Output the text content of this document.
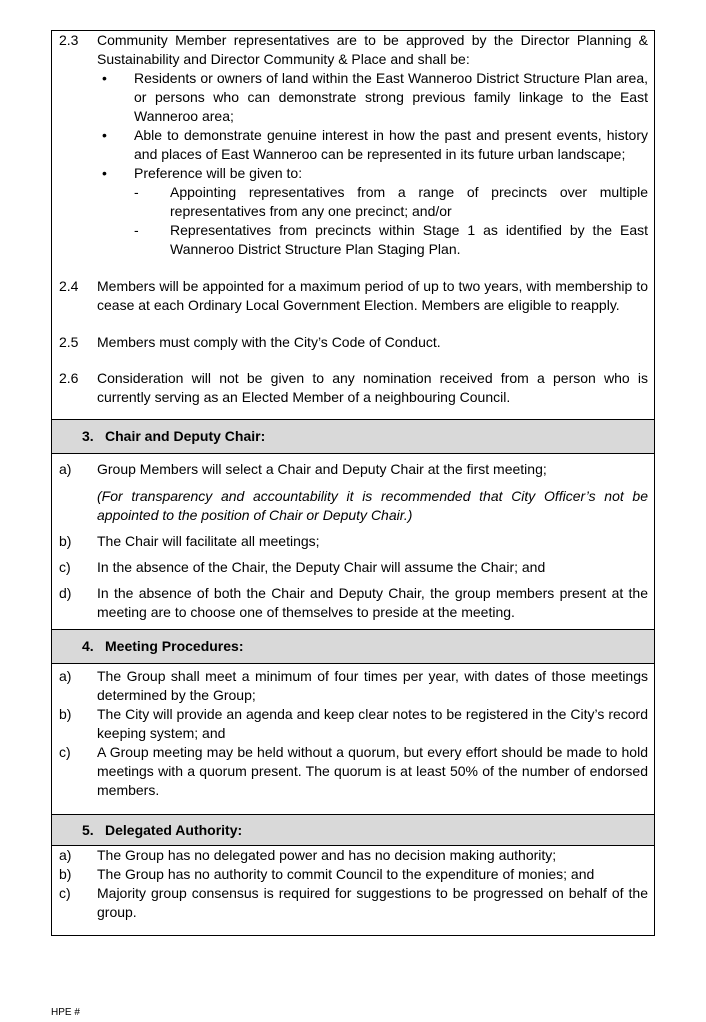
2.3 Community Member representatives are to be approved by the Director Planning & Sustainability and Director Community & Place and shall be:
• Residents or owners of land within the East Wanneroo District Structure Plan area, or persons who can demonstrate strong previous family linkage to the East Wanneroo area;
• Able to demonstrate genuine interest in how the past and present events, history and places of East Wanneroo can be represented in its future urban landscape;
• Preference will be given to:
- Appointing representatives from a range of precincts over multiple representatives from any one precinct; and/or
- Representatives from precincts within Stage 1 as identified by the East Wanneroo District Structure Plan Staging Plan.
2.4 Members will be appointed for a maximum period of up to two years, with membership to cease at each Ordinary Local Government Election. Members are eligible to reapply.
2.5 Members must comply with the City’s Code of Conduct.
2.6 Consideration will not be given to any nomination received from a person who is currently serving as an Elected Member of a neighbouring Council.
3. Chair and Deputy Chair:
a) Group Members will select a Chair and Deputy Chair at the first meeting;
(For transparency and accountability it is recommended that City Officer’s not be appointed to the position of Chair or Deputy Chair.)
b) The Chair will facilitate all meetings;
c) In the absence of the Chair, the Deputy Chair will assume the Chair; and
d) In the absence of both the Chair and Deputy Chair, the group members present at the meeting are to choose one of themselves to preside at the meeting.
4. Meeting Procedures:
a) The Group shall meet a minimum of four times per year, with dates of those meetings determined by the Group;
b) The City will provide an agenda and keep clear notes to be registered in the City’s record keeping system; and
c) A Group meeting may be held without a quorum, but every effort should be made to hold meetings with a quorum present. The quorum is at least 50% of the number of endorsed members.
5. Delegated Authority:
a) The Group has no delegated power and has no decision making authority;
b) The Group has no authority to commit Council to the expenditure of monies; and
c) Majority group consensus is required for suggestions to be progressed on behalf of the group.
HPE #
